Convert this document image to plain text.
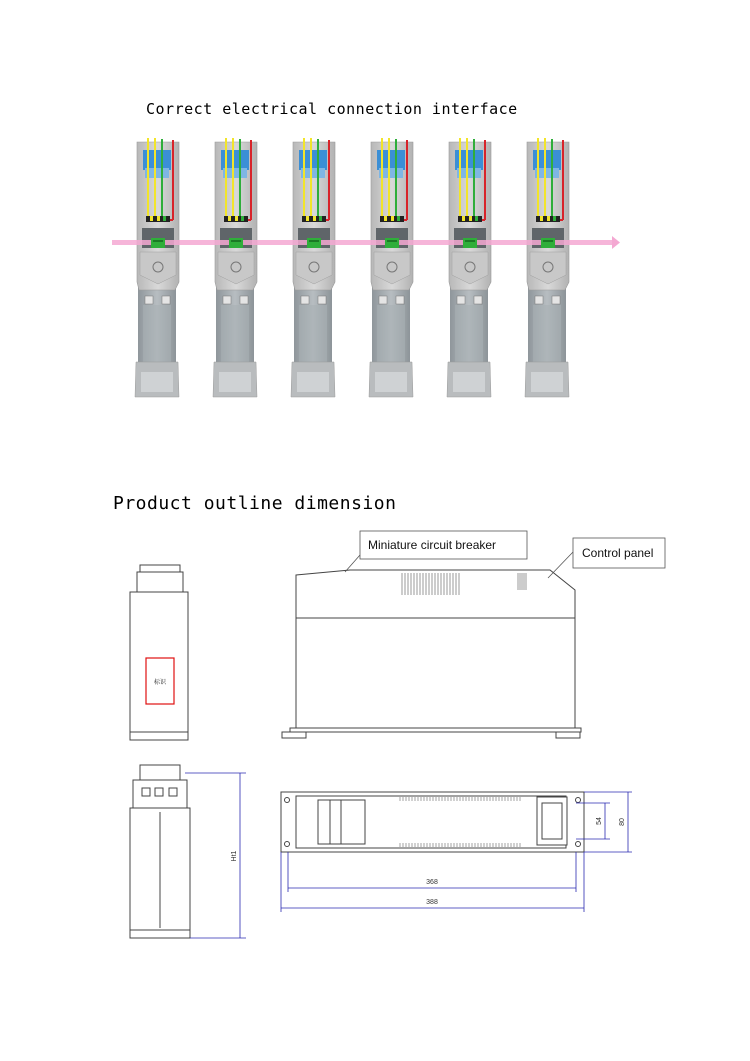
Correct electrical connection interface
Product outline dimension
标识
Miniature circuit breaker
Control panel
Ht1
368
388
54 80
